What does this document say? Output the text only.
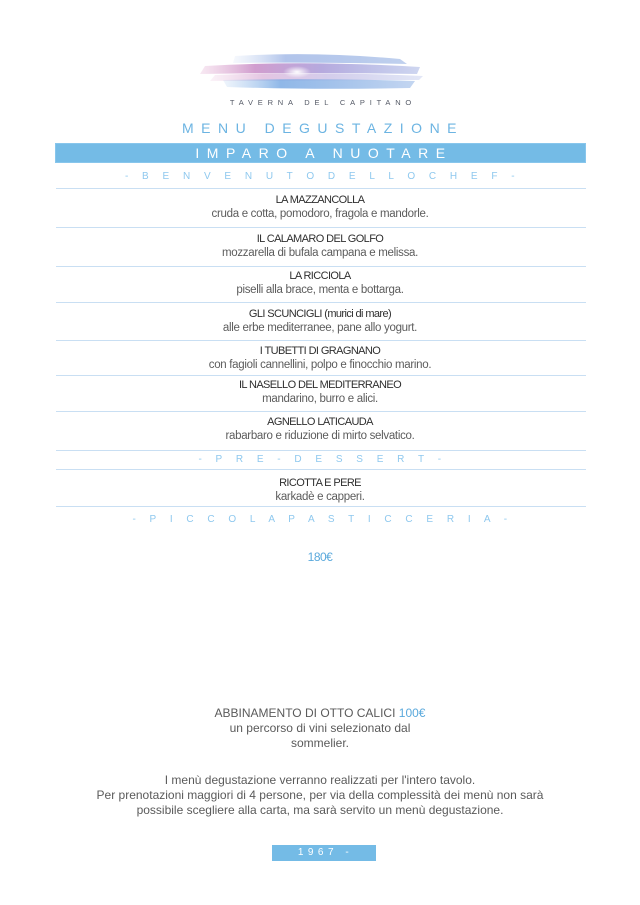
TAVERNA DEL CAPITANO
MENU DEGUSTAZIONE
IMPARO A NUOTARE
- B E N V E N U T O D E L L O C H E F -
LA MAZZANCOLLA
cruda e cotta, pomodoro, fragola e mandorle.
IL CALAMARO DEL GOLFO
mozzarella di bufala campana e melissa.
LA RICCIOLA
piselli alla brace, menta e bottarga.
GLI SCUNCIGLI (murici di mare)
alle erbe mediterranee, pane allo yogurt.
I TUBETTI DI GRAGNANO
con fagioli cannellini, polpo e finocchio marino.
IL NASELLO DEL MEDITERRANEO
mandarino, burro e alici.
AGNELLO LATICAUDA
rabarbaro e riduzione di mirto selvatico.
- P R E - D E S S E R T -
RICOTTA E PERE
karkadè e capperi.
- P I C C O L A P A S T I C C E R I A -
180€
ABBINAMENTO DI OTTO CALICI 100€
un percorso di vini selezionato dal
sommelier.
I menù degustazione verranno realizzati per l'intero tavolo.
Per prenotazioni maggiori di 4 persone, per via della complessità dei menù non sarà
possibile scegliere alla carta, ma sarà servito un menù degustazione.
1967 - 2026
